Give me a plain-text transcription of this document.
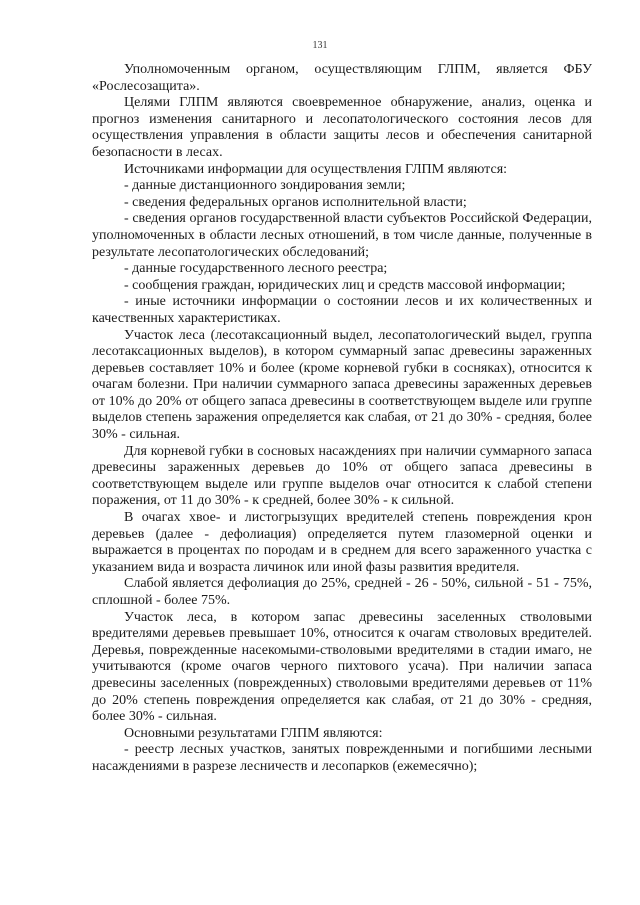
131

Уполномоченным органом, осуществляющим ГЛПМ, является ФБУ «Рослесозащита».

Целями ГЛПМ являются своевременное обнаружение, анализ, оценка и прогноз изменения санитарного и лесопатологического состояния лесов для осуществления управления в области защиты лесов и обеспечения санитарной безопасности в лесах.

Источниками информации для осуществления ГЛПМ являются:

- данные дистанционного зондирования земли;

- сведения федеральных органов исполнительной власти;

- сведения органов государственной власти субъектов Российской Федерации, уполномоченных в области лесных отношений, в том числе данные, полученные в результате лесопатологических обследований;

- данные государственного лесного реестра;

- сообщения граждан, юридических лиц и средств массовой информации;

- иные источники информации о состоянии лесов и их количественных и качественных характеристиках.

Участок леса (лесотаксационный выдел, лесопатологический выдел, группа лесотаксационных выделов), в котором суммарный запас древесины зараженных деревьев составляет 10% и более (кроме корневой губки в сосняках), относится к очагам болезни. При наличии суммарного запаса древесины зараженных деревьев от 10% до 20% от общего запаса древесины в соответствующем выделе или группе выделов степень заражения определяется как слабая, от 21 до 30% - средняя, более 30% - сильная.

Для корневой губки в сосновых насаждениях при наличии суммарного запаса древесины зараженных деревьев до 10% от общего запаса древесины в соответствующем выделе или группе выделов очаг относится к слабой степени поражения, от 11 до 30% - к средней, более 30% - к сильной.

В очагах хвое- и листогрызущих вредителей степень повреждения крон деревьев (далее - дефолиация) определяется путем глазомерной оценки и выражается в процентах по породам и в среднем для всего зараженного участка с указанием вида и возраста личинок или иной фазы развития вредителя.

Слабой является дефолиация до 25%, средней - 26 - 50%, сильной - 51 - 75%, сплошной - более 75%.

Участок леса, в котором запас древесины заселенных стволовыми вредителями деревьев превышает 10%, относится к очагам стволовых вредителей. Деревья, поврежденные насекомыми-стволовыми вредителями в стадии имаго, не учитываются (кроме очагов черного пихтового усача). При наличии запаса древесины заселенных (поврежденных) стволовыми вредителями деревьев от 11% до 20% степень повреждения определяется как слабая, от 21 до 30% - средняя, более 30% - сильная.

Основными результатами ГЛПМ являются:

- реестр лесных участков, занятых поврежденными и погибшими лесными насаждениями в разрезе лесничеств и лесопарков (ежемесячно);
